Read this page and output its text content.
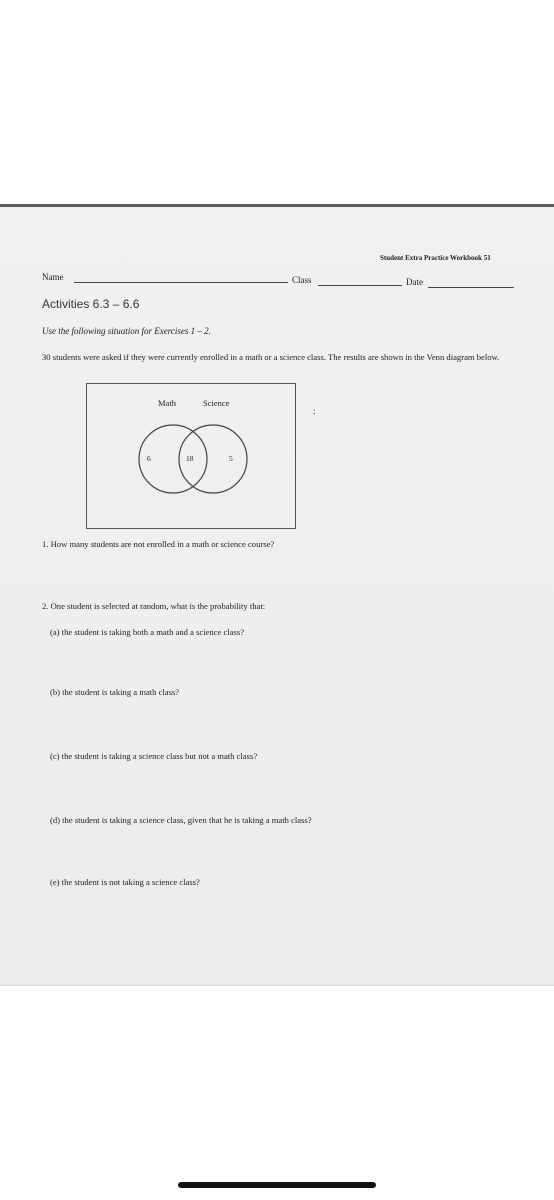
Student Extra Practice Workbook 51
Name	Class	Date
Activities 6.3 – 6.6
Use the following situation for Exercises 1 – 2.
30 students were asked if they were currently enrolled in a math or a science class. The results are shown in the Venn diagram below.
Math	Science
6	18	5
:
1. How many students are not enrolled in a math or science course?
2. One student is selected at random, what is the probability that:
(a) the student is taking both a math and a science class?
(b) the student is taking a math class?
(c) the student is taking a science class but not a math class?
(d) the student is taking a science class, given that he is taking a math class?
(e) the student is not taking a science class?
